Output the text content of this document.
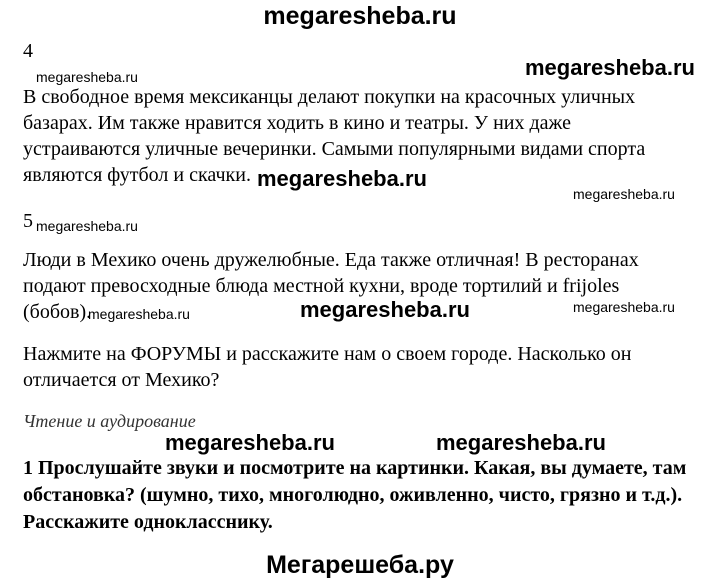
megaresheba.ru
4
megaresheba.ru	megaresheba.ru
В свободное время мексиканцы делают покупки на красочных уличных
базарах. Им также нравится ходить в кино и театры. У них даже
устраиваются уличные вечеринки. Самыми популярными видами спорта
являются футбол и скачки. megaresheba.ru
megaresheba.ru
5 megaresheba.ru
Люди в Мехико очень дружелюбные. Еда также отличная! В ресторанах
подают превосходные блюда местной кухни, вроде тортилий и frijoles
(бобов).
megaresheba.ru	megaresheba.ru	megaresheba.ru
Нажмите на ФОРУМЫ и расскажите нам о своем городе. Насколько он
отличается от Мехико?
Чтение и аудирование
megaresheba.ru	megaresheba.ru
1 Прослушайте звуки и посмотрите на картинки. Какая, вы думаете, там
обстановка? (шумно, тихо, многолюдно, оживленно, чисто, грязно и т.д.).
Расскажите однокласснику.
Мегарешеба.ру
